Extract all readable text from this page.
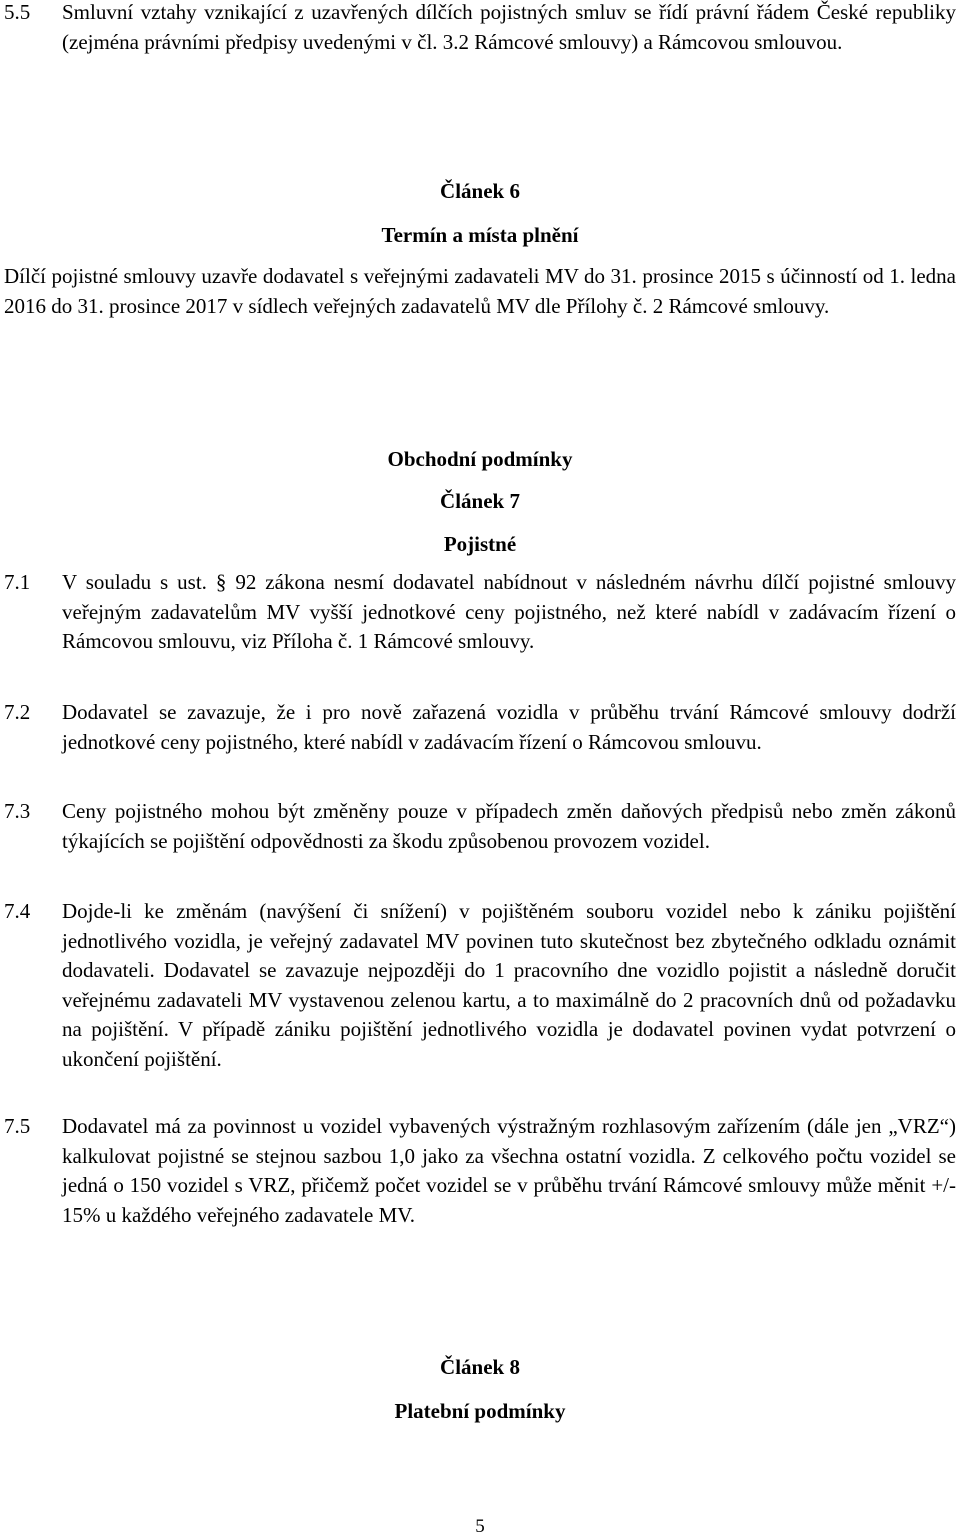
5.5 Smluvní vztahy vznikající z uzavřených dílčích pojistných smluv se řídí právní řádem České republiky (zejména právními předpisy uvedenými v čl. 3.2 Rámcové smlouvy) a Rámcovou smlouvou.
Článek 6
Termín a místa plnění
Dílčí pojistné smlouvy uzavře dodavatel s veřejnými zadavateli MV do 31. prosince 2015 s účinností od 1. ledna 2016 do 31. prosince 2017 v sídlech veřejných zadavatelů MV dle Přílohy č. 2 Rámcové smlouvy.
Obchodní podmínky
Článek 7
Pojistné
7.1 V souladu s ust. § 92 zákona nesmí dodavatel nabídnout v následném návrhu dílčí pojistné smlouvy veřejným zadavatelům MV vyšší jednotkové ceny pojistného, než které nabídl v zadávacím řízení o Rámcovou smlouvu, viz Příloha č. 1 Rámcové smlouvy.
7.2 Dodavatel se zavazuje, že i pro nově zařazená vozidla v průběhu trvání Rámcové smlouvy dodrží jednotkové ceny pojistného, které nabídl v zadávacím řízení o Rámcovou smlouvu.
7.3 Ceny pojistného mohou být změněny pouze v případech změn daňových předpisů nebo změn zákonů týkajících se pojištění odpovědnosti za škodu způsobenou provozem vozidel.
7.4 Dojde-li ke změnám (navýšení či snížení) v pojištěném souboru vozidel nebo k zániku pojištění jednotlivého vozidla, je veřejný zadavatel MV povinen tuto skutečnost bez zbytečného odkladu oznámit dodavateli. Dodavatel se zavazuje nejpozději do 1 pracovního dne vozidlo pojistit a následně doručit veřejnému zadavateli MV vystavenou zelenou kartu, a to maximálně do 2 pracovních dnů od požadavku na pojištění. V případě zániku pojištění jednotlivého vozidla je dodavatel povinen vydat potvrzení o ukončení pojištění.
7.5 Dodavatel má za povinnost u vozidel vybavených výstražným rozhlasovým zařízením (dále jen „VRZ“) kalkulovat pojistné se stejnou sazbou 1,0 jako za všechna ostatní vozidla. Z celkového počtu vozidel se jedná o 150 vozidel s VRZ, přičemž počet vozidel se v průběhu trvání Rámcové smlouvy může měnit +/- 15% u každého veřejného zadavatele MV.
Článek 8
Platební podmínky
5
